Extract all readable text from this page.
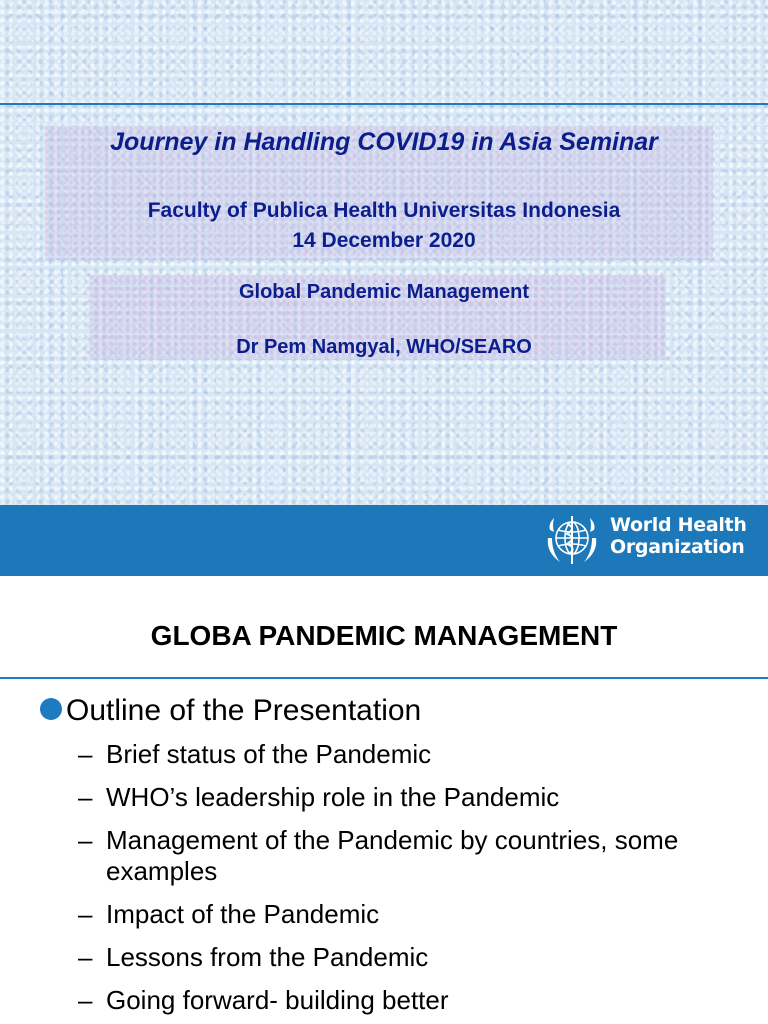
Journey in Handling COVID19 in Asia Seminar

Faculty of Publica Health Universitas Indonesia

14 December 2020

Global Pandemic Management

Dr Pem Namgyal, WHO/SEARO

World Health
Organization

GLOBA PANDEMIC MANAGEMENT

Outline of the Presentation
– Brief status of the Pandemic
– WHO’s leadership role in the Pandemic
– Management of the Pandemic by countries, some examples
– Impact of the Pandemic
– Lessons from the Pandemic
– Going forward- building better
